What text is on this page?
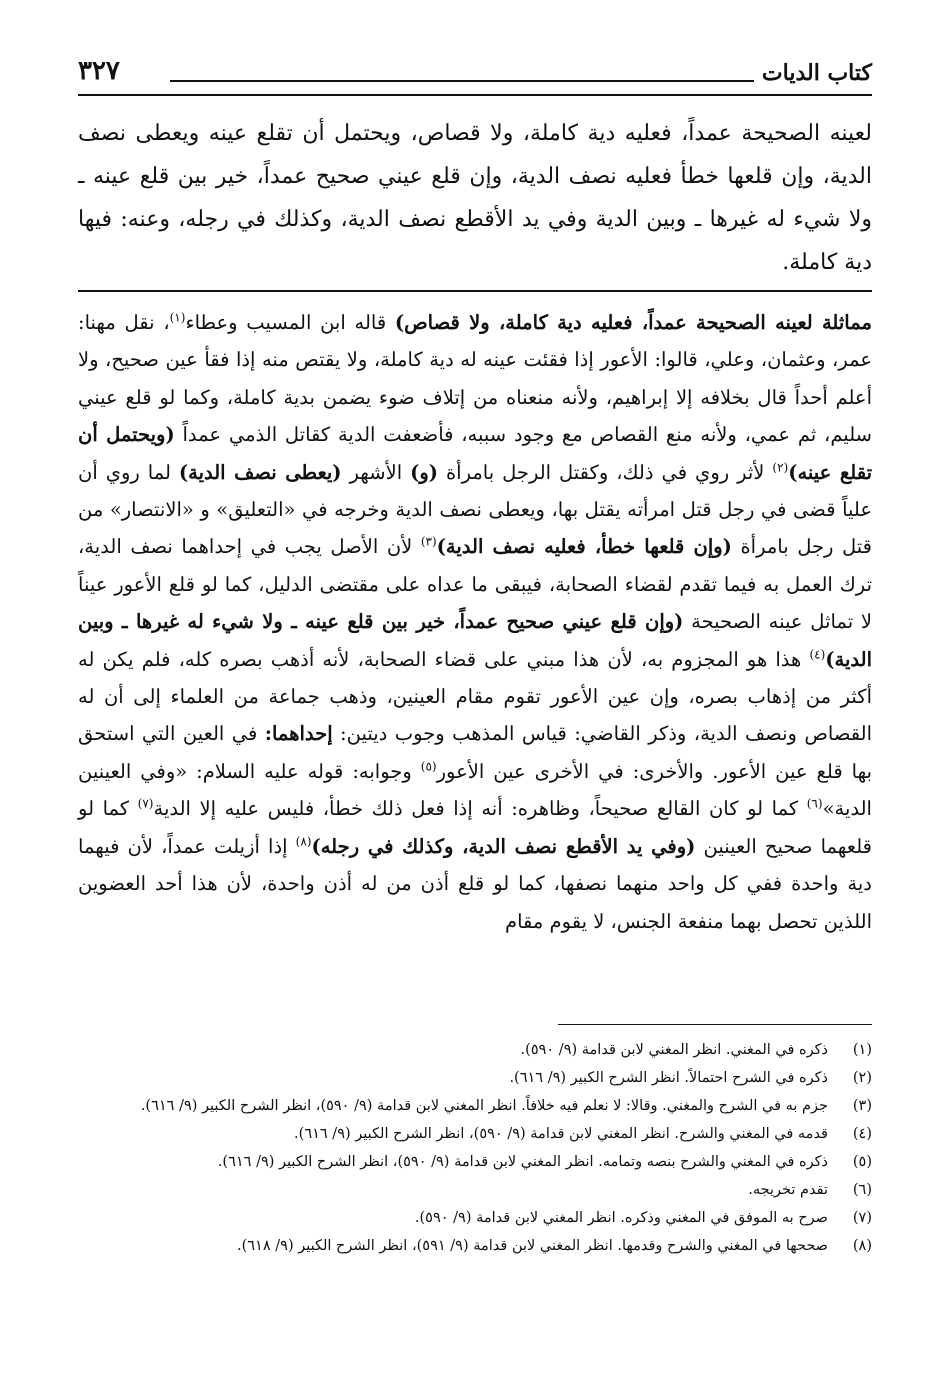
كتاب الديات
٣٢٧

لعينه الصحيحة عمداً، فعليه دية كاملة، ولا قصاص، ويحتمل أن تقلع عينه ويعطى نصف الدية، وإن قلعها خطأ فعليه نصف الدية، وإن قلع عيني صحيح عمداً، خير بين قلع عينه ـ ولا شيء له غيرها ـ وبين الدية وفي يد الأقطع نصف الدية، وكذلك في رجله، وعنه: فيها دية كاملة.

مماثلة لعينه الصحيحة عمداً، فعليه دية كاملة، ولا قصاص) قاله ابن المسيب وعطاء$^{(١)}$، نقل مهنا: عمر، وعثمان، وعلي، قالوا: الأعور إذا فقئت عينه له دية كاملة، ولا يقتص منه إذا فقأ عين صحيح، ولا أعلم أحداً قال بخلافه إلا إبراهيم، ولأنه منعناه من إتلاف ضوء يضمن بدية كاملة، وكما لو قلع عيني سليم، ثم عمي، ولأنه منع القصاص مع وجود سببه، فأضعفت الدية كقاتل الذمي عمداً (ويحتمل أن تقلع عينه)$^{(٢)}$ لأثر روي في ذلك، وكقتل الرجل بامرأة (و) الأشهر (يعطى نصف الدية) لما روي أن علياً قضى في رجل قتل امرأته يقتل بها، ويعطى نصف الدية وخرجه في «التعليق» و «الانتصار» من قتل رجل بامرأة (وإن قلعها خطأ، فعليه نصف الدية)$^{(٣)}$ لأن الأصل يجب في إحداهما نصف الدية، ترك العمل به فيما تقدم لقضاء الصحابة، فيبقى ما عداه على مقتضى الدليل، كما لو قلع الأعور عيناً لا تماثل عينه الصحيحة (وإن قلع عيني صحيح عمداً، خير بين قلع عينه ـ ولا شيء له غيرها ـ وبين الدية)$^{(٤)}$ هذا هو المجزوم به، لأن هذا مبني على قضاء الصحابة، لأنه أذهب بصره كله، فلم يكن له أكثر من إذهاب بصره، وإن عين الأعور تقوم مقام العينين، وذهب جماعة من العلماء إلى أن له القصاص ونصف الدية، وذكر القاضي: قياس المذهب وجوب ديتين: إحداهما: في العين التي استحق بها قلع عين الأعور. والأخرى: في الأخرى عين الأعور$^{(٥)}$ وجوابه: قوله عليه السلام: «وفي العينين الدية»$^{(٦)}$ كما لو كان القالع صحيحاً، وظاهره: أنه إذا فعل ذلك خطأ، فليس عليه إلا الدية$^{(٧)}$ كما لو قلعهما صحيح العينين (وفي يد الأقطع نصف الدية، وكذلك في رجله)$^{(٨)}$ إذا أزيلت عمداً، لأن فيهما دية واحدة ففي كل واحد منهما نصفها، كما لو قلع أذن من له أذن واحدة، لأن هذا أحد العضوين اللذين تحصل بهما منفعة الجنس، لا يقوم مقام

(١)
ذكره في المغني. انظر المغني لابن قدامة (٩/ ٥٩٠).
(٢)
ذكره في الشرح احتمالاً. انظر الشرح الكبير (٩/ ٦١٦).
(٣)
جزم به في الشرح والمغني. وقالا: لا نعلم فيه خلافاً. انظر المغني لابن قدامة (٩/ ٥٩٠)، انظر الشرح الكبير (٩/ ٦١٦).
(٤)
قدمه في المغني والشرح. انظر المغني لابن قدامة (٩/ ٥٩٠)، انظر الشرح الكبير (٩/ ٦١٦).
(٥)
ذكره في المغني والشرح بنصه وتمامه. انظر المغني لابن قدامة (٩/ ٥٩٠)، انظر الشرح الكبير (٩/ ٦١٦).
(٦)
تقدم تخريجه.
(٧)
صرح به الموفق في المغني وذكره. انظر المغني لابن قدامة (٩/ ٥٩٠).
(٨)
صححها في المغني والشرح وقدمها. انظر المغني لابن قدامة (٩/ ٥٩١)، انظر الشرح الكبير (٩/ ٦١٨).
